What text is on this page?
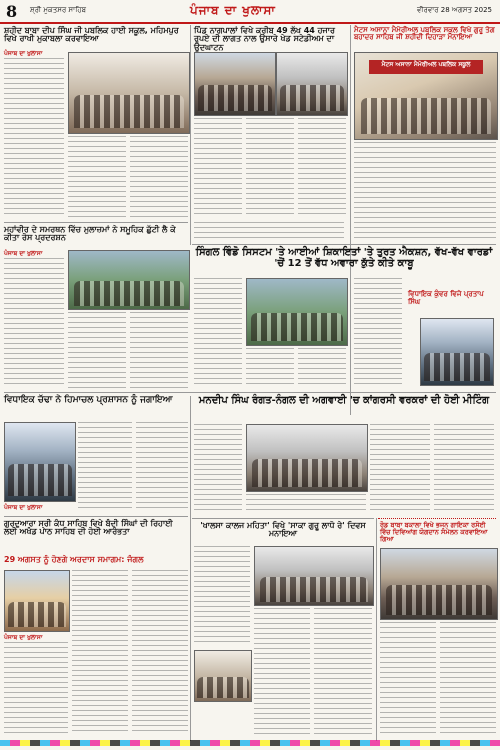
8 ਸ਼੍ਰੀ ਮੁਕਤਸਰ ਸਾਹਿਬ	ਪੰਜਾਬ ਦਾ ਖੁਲਾਸਾ	ਵੀਰਵਾਰ 28 ਅਗਸਤ 2025
ਸ਼ਹੀਦ ਬਾਬਾ ਦੀਪ ਸਿੰਘ ਜੀ ਪਬਲਿਕ ਹਾਈ ਸਕੂਲ, ਮਹਿਮਪੁਰ ਵਿਖੇ ਰਾਖੀ ਮੁਕਾਬਲਾ ਕਰਵਾਇਆ
ਪਿੰਡ ਨਾਗਪਾਲਾਂ ਵਿਖੇ ਕਰੀਬ 49 ਲੱਖ 44 ਹਜਾਰ ਰੁਪਏ ਦੀ ਲਾਗਤ ਨਾਲ ਉਸਾਰੇ ਖੇਡ ਸਟੇਡੀਅਮ ਦਾ ਉਦਘਾਟਨ
ਮੈਟਸ ਅਸਾਨਾ ਮੈਮੋਰੀਅਲ ਪਬਲਿਕ ਸਕੂਲ ਵਿਖੇ ਗੁਰੂ ਤੇਗ ਬਹਾਦਰ ਸਾਹਿਬ ਜੀ ਸ਼ਹੀਦੀ ਦਿਹਾੜਾ ਮਨਾਇਆ
ਪੰਜਾਬ ਦਾ ਖੁਲਾਸਾ
ਮੈਟਸ ਅਸਾਨਾ ਮੈਮੋਰੀਅਲ ਪਬਲਿਕ ਸਕੂਲ
ਮਹਾਂਵੀਰ ਦੇ ਸਮਰਥਨ ਵਿੱਚ ਮੁਲਾਜ਼ਮਾਂ ਨੇ ਸਮੂਹਿਕ ਛੁੱਟੀ ਲੈ ਕੇ ਕੀਤਾ ਰੋਸ ਪ੍ਰਦਰਸ਼ਨ
ਪੰਜਾਬ ਦਾ ਖੁਲਾਸਾ	ਸਿੰਗਲ ਵਿੰਡੋ ਸਿਸਟਮ 'ਤੇ ਆਈਆਂ ਸ਼ਿਕਾਇਤਾਂ 'ਤੇ ਤੁਰਤ ਐਕਸ਼ਨ, ਵੱਖ-ਵੱਖ ਵਾਰਡਾਂ 'ਚੋਂ 12 ਤੋਂ ਵੱਧ ਅਵਾਰਾ ਕੁੱਤੇ ਕੀਤੇ ਕਾਬੂ
ਵਿਧਾਇਕ ਕੁੰਵਰ ਵਿਜੇ ਪ੍ਰਤਾਪ ਸਿੰਘ
ਵਿਧਾਇਕ ਚੱਢਾ ਨੇ ਹਿਮਾਚਲ ਪ੍ਰਸ਼ਾਸਨ ਨੂੰ ਜਗਾਇਆ	ਮਨਦੀਪ ਸਿੰਘ ਰੰਗਤ-ਨੰਗਲ ਦੀ ਅਗਵਾਈ 'ਚ ਕਾਂਗਰਸੀ ਵਰਕਰਾਂ ਦੀ ਹੋਈ ਮੀਟਿੰਗ
ਪੰਜਾਬ ਦਾ ਖੁਲਾਸਾ
ਗੁਰਦੁਆਰਾ ਸ੍ਰੀ ਕੰਧ ਸਾਹਿਬ ਵਿਖੇ ਬੰਦੀ ਸਿੰਘਾਂ ਦੀ ਰਿਹਾਈ ਲਈ ਅਖੰਡ ਪਾਠ ਸਾਹਿਬ ਦੀ ਹੋਈ ਆਰੰਭਤਾ
29 ਅਗਸਤ ਨੂੰ ਹੋਣਗੇ ਅਰਦਾਸ ਸਮਾਗਮ: ਜੰਗਲ
ਪੰਜਾਬ ਦਾ ਖੁਲਾਸਾ
'ਖਾਲਸਾ ਕਾਲਜ ਮਹਿਤਾ' ਵਿਖੇ 'ਸਾਕਾ ਗੁਰੂ ਲਾਧੋ ਰੇ' ਦਿਵਸ ਮਨਾਇਆ
ਰੋਡ ਬਾਬਾ ਬਕਾਲਾ ਵਿਖੇ ਭਜਨ ਗਾਇਕਾ ਰਸੋਈ ਵਿੱਚ ਦਿਵਿਆਂਗ ਯੋਗਦਾਨ ਸੰਮੇਲਨ ਕਰਵਾਇਆ ਗਿਆ
